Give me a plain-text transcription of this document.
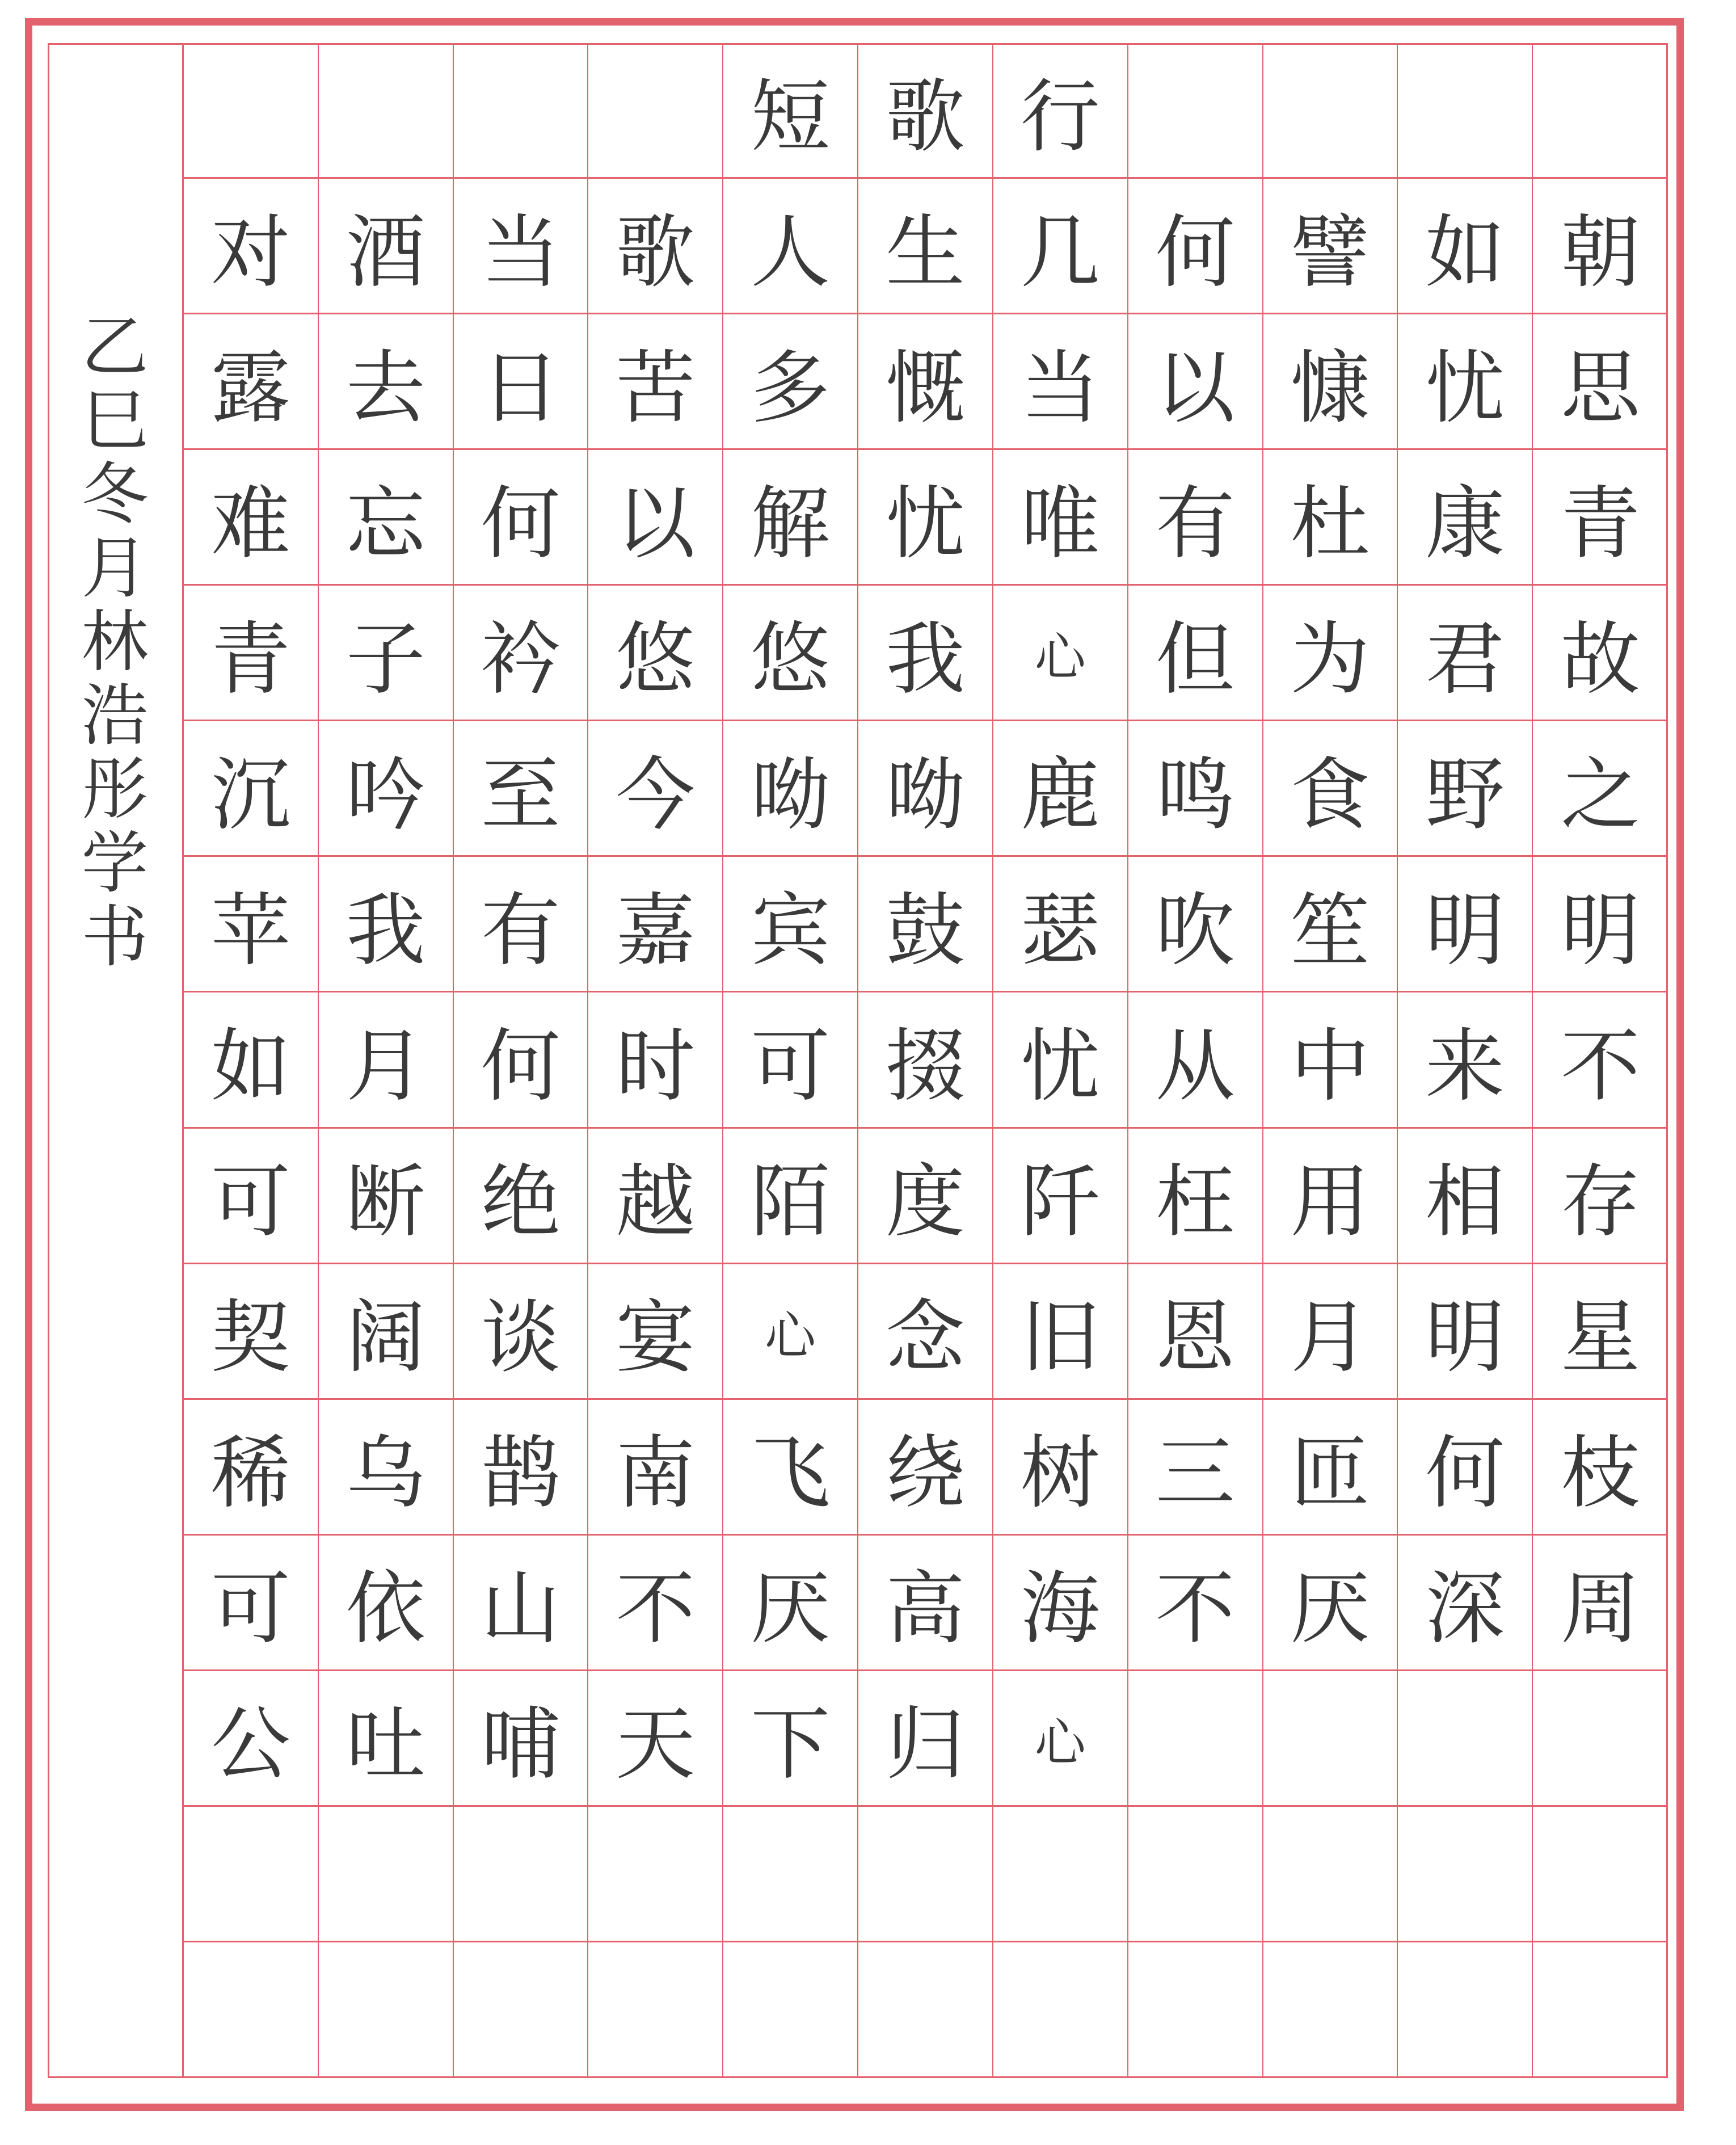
乙
巳
冬
月
林
浩
彤
学
书
短 歌 行
对 酒 当 歌 人 生 几 何 譬 如 朝
露 去 日 苦 多 慨 当 以 慷 忧 思
难 忘 何 以 解 忧 唯 有 杜 康 青
青 子 衿 悠 悠 我	心 但 为 君 故
沉 吟 至 今 呦 呦 鹿 鸣 食 野 之
苹 我 有 嘉 宾 鼓 瑟 吹 笙 明 明
如 月 何 时 可 掇 忧 从 中 来 不
可 断 绝 越 陌 度 阡 枉 用 相 存
契 阔 谈 宴	心 念 旧 恩 月 明 星
稀 乌 鹊 南 飞 绕 树 三 匝 何 枝
可 依 山 不 厌 高 海 不 厌 深 周
公 吐 哺 天 下 归	心
